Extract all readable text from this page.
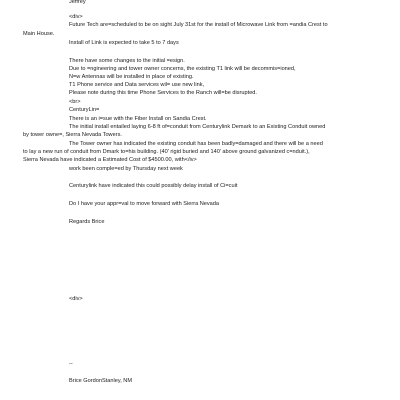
Jeffrey
<div>
Future Tech are=scheduled to be on sight July 31st for the install of Microwave Link from =andia Crest to
Main House.
Install of Link is expected to take 5 to 7 days
There have some changes to the initial =esign.
Due to =ngineering and tower owner concerns, the existing T1 link will be decommis=ioned,
N=w Antennas will be installed in place of existing.
T1 Phone service and Data services wil= use new link,
Please note during this time Phone Services to the Ranch will=be disrupted.
<br>
CenturyLin=
There is an i=sue with the Fiber Install on Sandia Crest.
The initial install entailed laying 6-8 ft of=conduit from Centurylink Demark to an Existing Conduit owned
by tower owne=, Sierra Nevada Towers.
The Tower owner has indicated the existing conduit has been badly=damaged and there will be a need
to lay a new run of conduit from Dmark to=his building. (40' rigid buried and 140' above ground galvanized c=nduit.),
Sierra Nevada have indicated a Estimated Cost of $4500.00, with</iv>
work been comple=ed by Thursday next week
Centurylink have indicated this could possibly delay install of Ci=cuit
Do I have your appr=val to move forward with Sierra Nevada
Regards Brice
<div>
--
Brice GordonStanley, NM
